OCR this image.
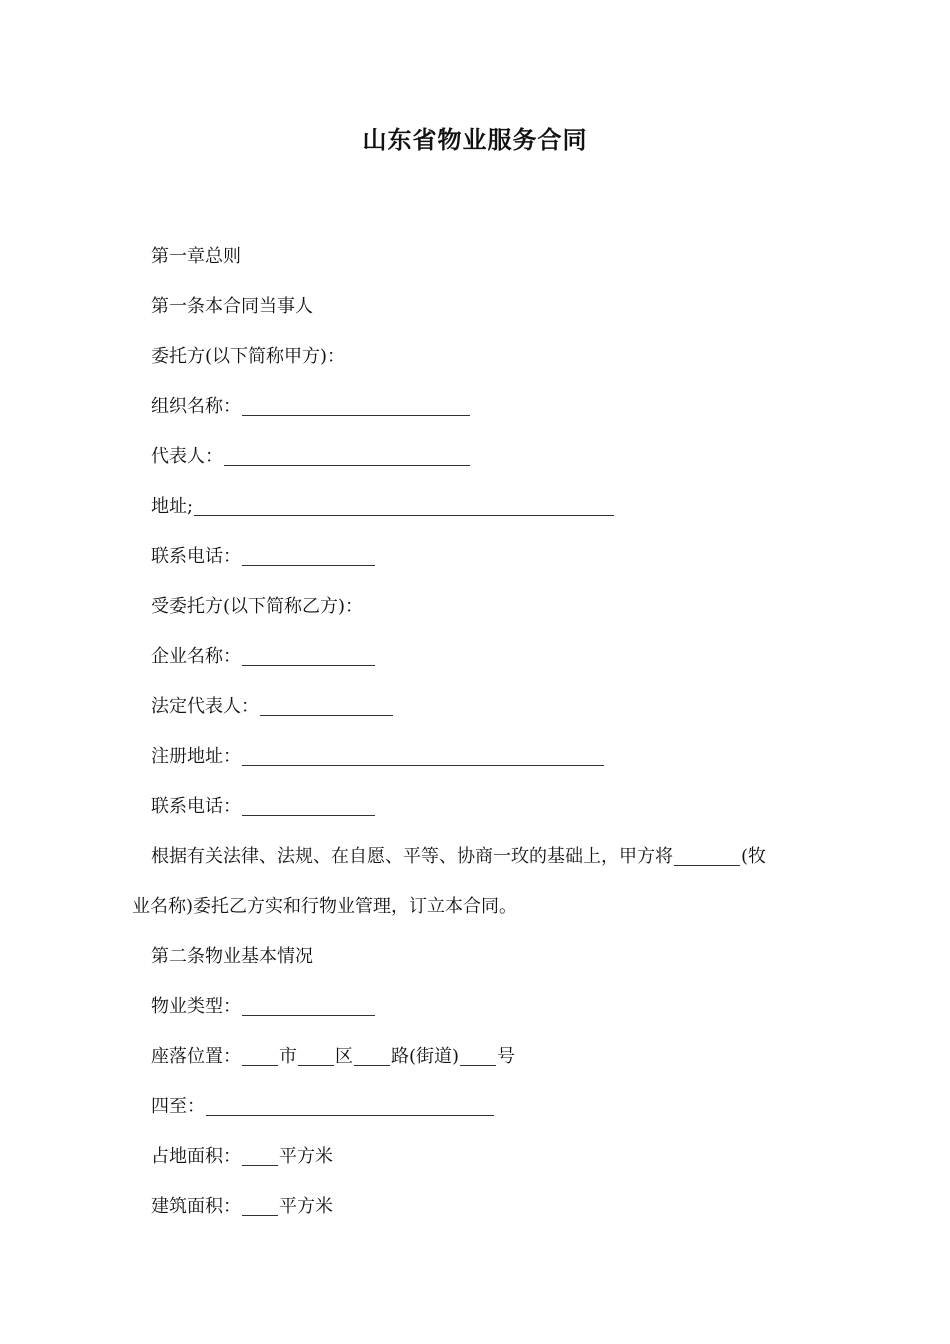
山东省物业服务合同
第一章总则
第一条本合同当事人
委托方(以下简称甲方)：
组织名称：
代表人：
地址;
联系电话：
受委托方(以下简称乙方)：
企业名称：
法定代表人：
注册地址：
联系电话：
根据有关法律、法规、在自愿、平等、协商一玫的基础上，甲方将	(牧
业名称)委托乙方实和行物业管理，订立本合同。
第二条物业基本情况
物业类型：
座落位置： 市 区 路(街道) 号
四至：
占地面积： 平方米
建筑面积： 平方米
